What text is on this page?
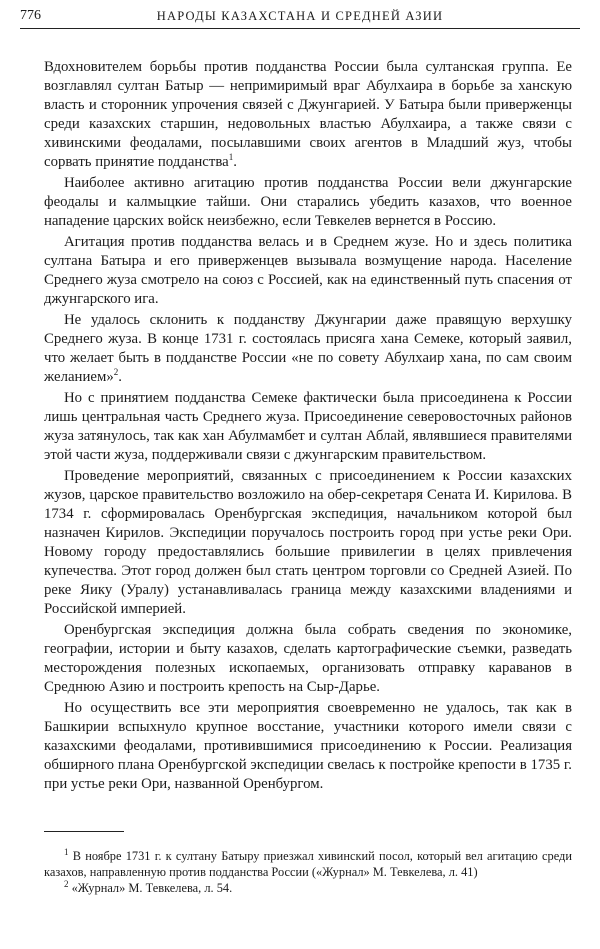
776	НАРОДЫ КАЗАХСТАНА И СРЕДНЕЙ АЗИИ

Вдохновителем борьбы против подданства России была султанская группа. Ее возглавлял султан Батыр — непримиримый враг Абулхаира в борьбе за ханскую власть и сторонник упрочения связей с Джунгарией. У Батыра были приверженцы среди казахских старшин, недовольных властью Абулхаира, а также связи с хивинскими феодалами, посылавшими своих агентов в Младший жуз, чтобы сорвать принятие подданства$^1$.

Наиболее активно агитацию против подданства России вели джунгарские феодалы и калмыцкие тайши. Они старались убедить казахов, что военное нападение царских войск неизбежно, если Тевкелев вернется в Россию.

Агитация против подданства велась и в Среднем жузе. Но и здесь политика султана Батыра и его приверженцев вызывала возмущение народа. Население Среднего жуза смотрело на союз с Россией, как на единственный путь спасения от джунгарского ига.

Не удалось склонить к подданству Джунгарии даже правящую верхушку Среднего жуза. В конце 1731 г. состоялась присяга хана Семеке, который заявил, что желает быть в подданстве России «не по совету Абулхаир хана, по сам своим желанием»$^2$.

Но с принятием подданства Семеке фактически была присоединена к России лишь центральная часть Среднего жуза. Присоединение северовосточных районов жуза затянулось, так как хан Абулмамбет и султан Аблай, являвшиеся правителями этой части жуза, поддерживали связи с джунгарским правительством.

Проведение мероприятий, связанных с присоединением к России казахских жузов, царское правительство возложило на обер-секретаря Сената И. Кирилова. В 1734 г. сформировалась Оренбургская экспедиция, начальником которой был назначен Кирилов. Экспедиции поручалось построить город при устье реки Ори. Новому городу предоставлялись большие привилегии в целях привлечения купечества. Этот город должен был стать центром торговли со Средней Азией. По реке Яику (Уралу) устанавливалась граница между казахскими владениями и Российской империей.

Оренбургская экспедиция должна была собрать сведения по экономике, географии, истории и быту казахов, сделать картографические съемки, разведать месторождения полезных ископаемых, организовать отправку караванов в Среднюю Азию и построить крепость на Сыр-Дарье.

Но осуществить все эти мероприятия своевременно не удалось, так как в Башкирии вспыхнуло крупное восстание, участники которого имели связи с казахскими феодалами, противившимися присоединению к России. Реализация обширного плана Оренбургской экспедиции свелась к постройке крепости в 1735 г. при устье реки Ори, названной Оренбургом.

$^1$ В ноябре 1731 г. к султану Батыру приезжал хивинский посол, который вел агитацию среди казахов, направленную против подданства России («Журнал» М. Тевкелева, л. 41)

$^2$ «Журнал» М. Тевкелева, л. 54.
